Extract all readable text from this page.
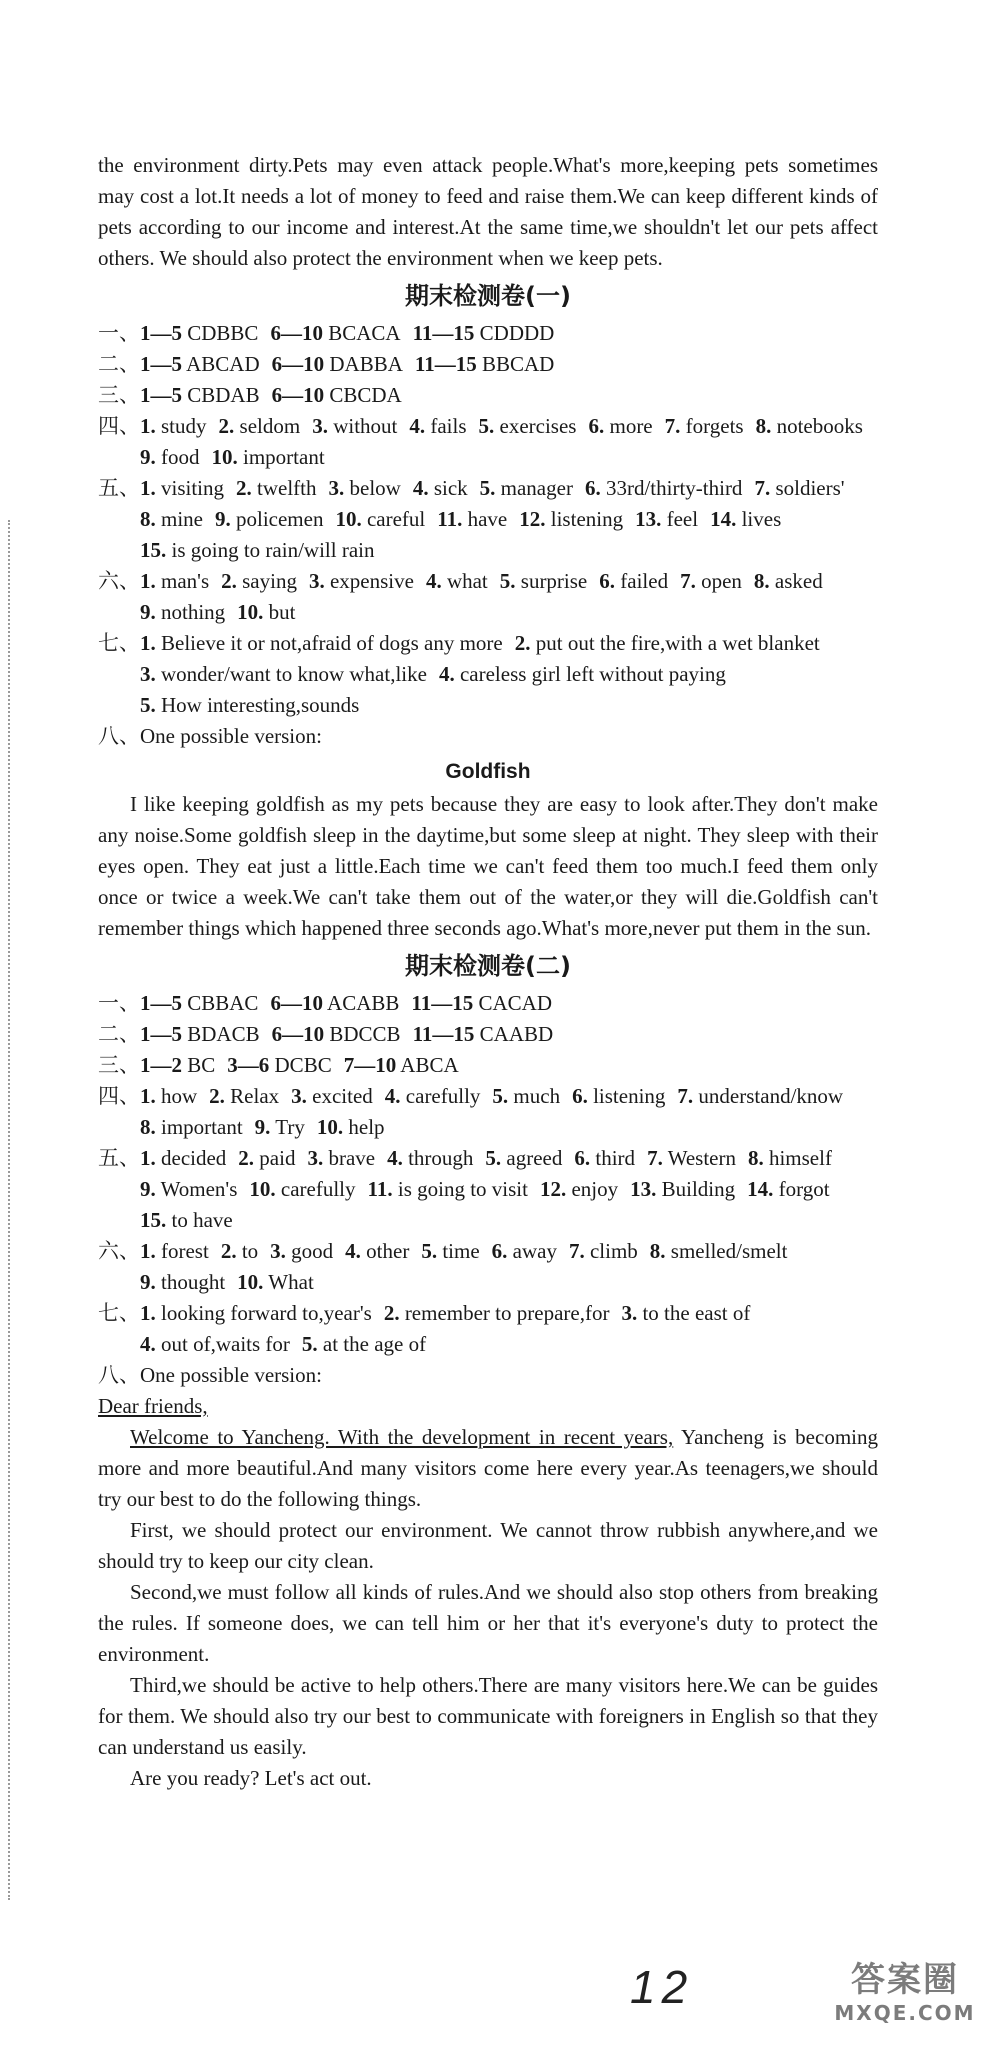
the environment dirty.Pets may even attack people.What's more,keeping pets sometimes may cost a lot.It needs a lot of money to feed and raise them.We can keep different kinds of pets according to our income and interest.At the same time,we shouldn't let our pets affect others. We should also protect the environment when we keep pets.

期末检测卷(一)
一、 1—5 CDBBC 6—10 BCACA 11—15 CDDDD
二、 1—5 ABCAD 6—10 DABBA 11—15 BBCAD
三、 1—5 CBDAB 6—10 CBCDA
四、 1. study 2. seldom 3. without 4. fails 5. exercises 6. more 7. forgets 8. notebooks9. food 10. important
五、 1. visiting 2. twelfth 3. below 4. sick 5. manager 6. 33rd/thirty-third 7. soldiers'8. mine 9. policemen 10. careful 11. have 12. listening 13. feel 14. lives15. is going to rain/will rain
六、 1. man's 2. saying 3. expensive 4. what 5. surprise 6. failed 7. open 8. asked9. nothing 10. but
七、 1. Believe it or not,afraid of dogs any more 2. put out the fire,with a wet blanket3. wonder/want to know what,like 4. careless girl left without paying5. How interesting,sounds
八、 One possible version:
Goldfish

I like keeping goldfish as my pets because they are easy to look after.They don't make any noise.Some goldfish sleep in the daytime,but some sleep at night. They sleep with their eyes open. They eat just a little.Each time we can't feed them too much.I feed them only once or twice a week.We can't take them out of the water,or they will die.Goldfish can't remember things which happened three seconds ago.What's more,never put them in the sun.

期末检测卷(二)
一、 1—5 CBBAC 6—10 ACABB 11—15 CACAD
二、 1—5 BDACB 6—10 BDCCB 11—15 CAABD
三、 1—2 BC 3—6 DCBC 7—10 ABCA
四、 1. how 2. Relax 3. excited 4. carefully 5. much 6. listening 7. understand/know8. important 9. Try 10. help
五、 1. decided 2. paid 3. brave 4. through 5. agreed 6. third 7. Western 8. himself9. Women's 10. carefully 11. is going to visit 12. enjoy 13. Building 14. forgot15. to have
六、 1. forest 2. to 3. good 4. other 5. time 6. away 7. climb 8. smelled/smelt9. thought 10. What
七、 1. looking forward to,year's 2. remember to prepare,for 3. to the east of4. out of,waits for 5. at the age of
八、 One possible version:

Dear friends,

Welcome to Yancheng. With the development in recent years, Yancheng is becoming more and more beautiful.And many visitors come here every year.As teenagers,we should try our best to do the following things.

First, we should protect our environment. We cannot throw rubbish anywhere,and we should try to keep our city clean.

Second,we must follow all kinds of rules.And we should also stop others from breaking the rules. If someone does, we can tell him or her that it's everyone's duty to protect the environment.

Third,we should be active to help others.There are many visitors here.We can be guides for them. We should also try our best to communicate with foreigners in English so that they can understand us easily.

Are you ready? Let's act out.

12	答案圈
MXQE.COM
